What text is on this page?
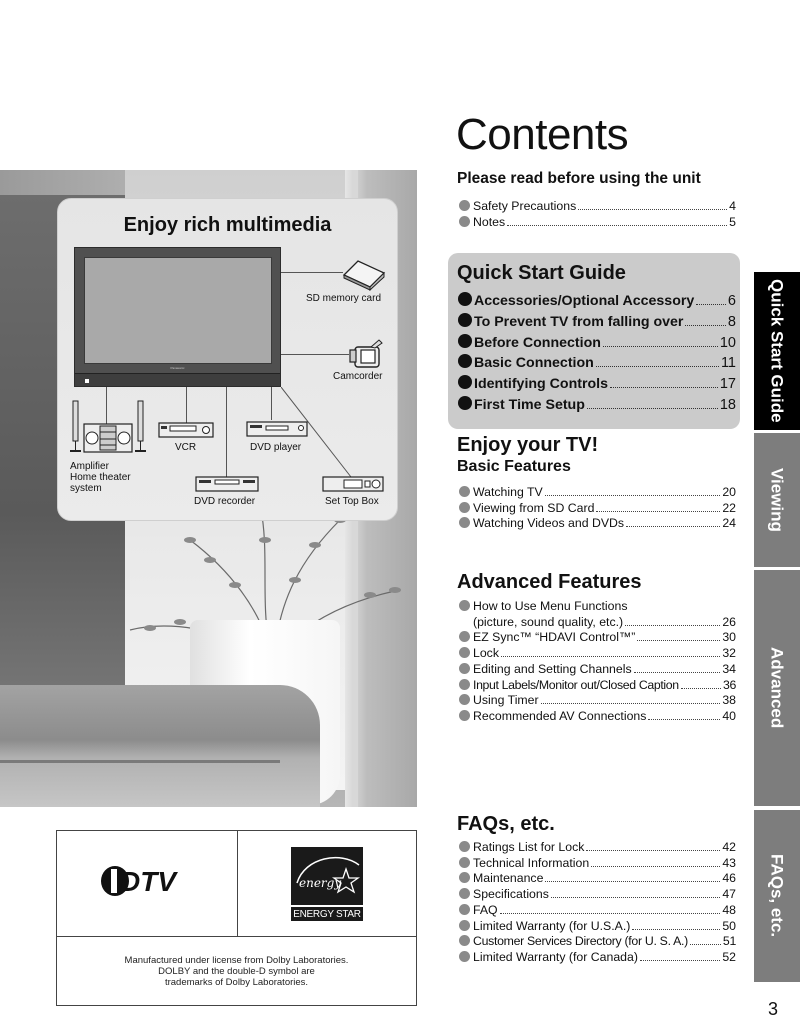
Enjoy rich multimedia
Panasonic
SD memory card
Camcorder
Amplifier
Home theater
system
VCR	DVD player
DVD recorder	Set Top Box
DTV	energy
ENERGY STAR
Manufactured under license from Dolby Laboratories.
DOLBY and the double-D symbol are
trademarks of Dolby Laboratories.
Contents
Please read before using the unit
Safety Precautions	4
Notes	5
Quick Start Guide
Accessories/Optional Accessory 6
To Prevent TV from falling over	8
Before Connection	10
Basic Connection	11
Identifying Controls	17
First Time Setup	18
Enjoy your TV!
Basic Features
Watching TV	20
Viewing from SD Card	22
Watching Videos and DVDs	24
Advanced Features
How to Use Menu Functions
(picture, sound quality, etc.)	26
EZ Sync™ “HDAVI Control™”	30
Lock	32
Editing and Setting Channels	34
Input Labels/Monitor out/Closed Caption	36
Using Timer	38
Recommended AV Connections	40
FAQs, etc.
Ratings List for Lock	42
Technical Information	43
Maintenance	46
Specifications	47
FAQ	48
Limited Warranty (for U.S.A.)	50
Customer Services Directory (for U. S. A.)	51
Limited Warranty (for Canada)	52
Quick Start Guide
Viewing
Advanced
FAQs, etc.
3
